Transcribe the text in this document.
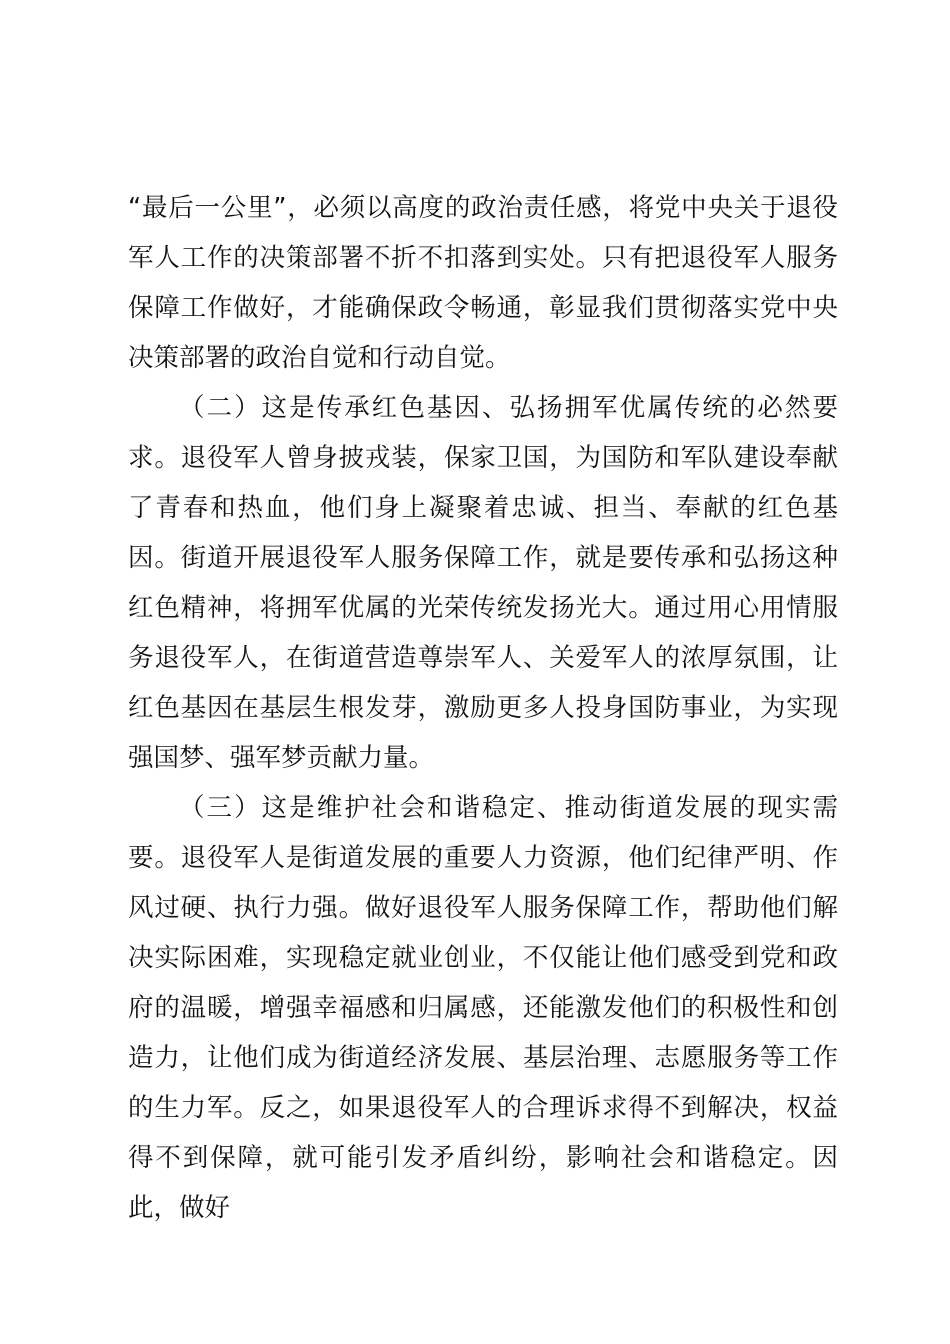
“最后一公里”，必须以高度的政治责任感，将党中央关于退役军人工作的决策部署不折不扣落到实处。只有把退役军人服务保障工作做好，才能确保政令畅通，彰显我们贯彻落实党中央决策部署的政治自觉和行动自觉。

（二）这是传承红色基因、弘扬拥军优属传统的必然要求。退役军人曾身披戎装，保家卫国，为国防和军队建设奉献了青春和热血，他们身上凝聚着忠诚、担当、奉献的红色基因。街道开展退役军人服务保障工作，就是要传承和弘扬这种红色精神，将拥军优属的光荣传统发扬光大。通过用心用情服务退役军人，在街道营造尊崇军人、关爱军人的浓厚氛围，让红色基因在基层生根发芽，激励更多人投身国防事业，为实现强国梦、强军梦贡献力量。

（三）这是维护社会和谐稳定、推动街道发展的现实需要。退役军人是街道发展的重要人力资源，他们纪律严明、作风过硬、执行力强。做好退役军人服务保障工作，帮助他们解决实际困难，实现稳定就业创业，不仅能让他们感受到党和政府的温暖，增强幸福感和归属感，还能激发他们的积极性和创造力，让他们成为街道经济发展、基层治理、志愿服务等工作的生力军。反之，如果退役军人的合理诉求得不到解决，权益得不到保障，就可能引发矛盾纠纷，影响社会和谐稳定。因此，做好
